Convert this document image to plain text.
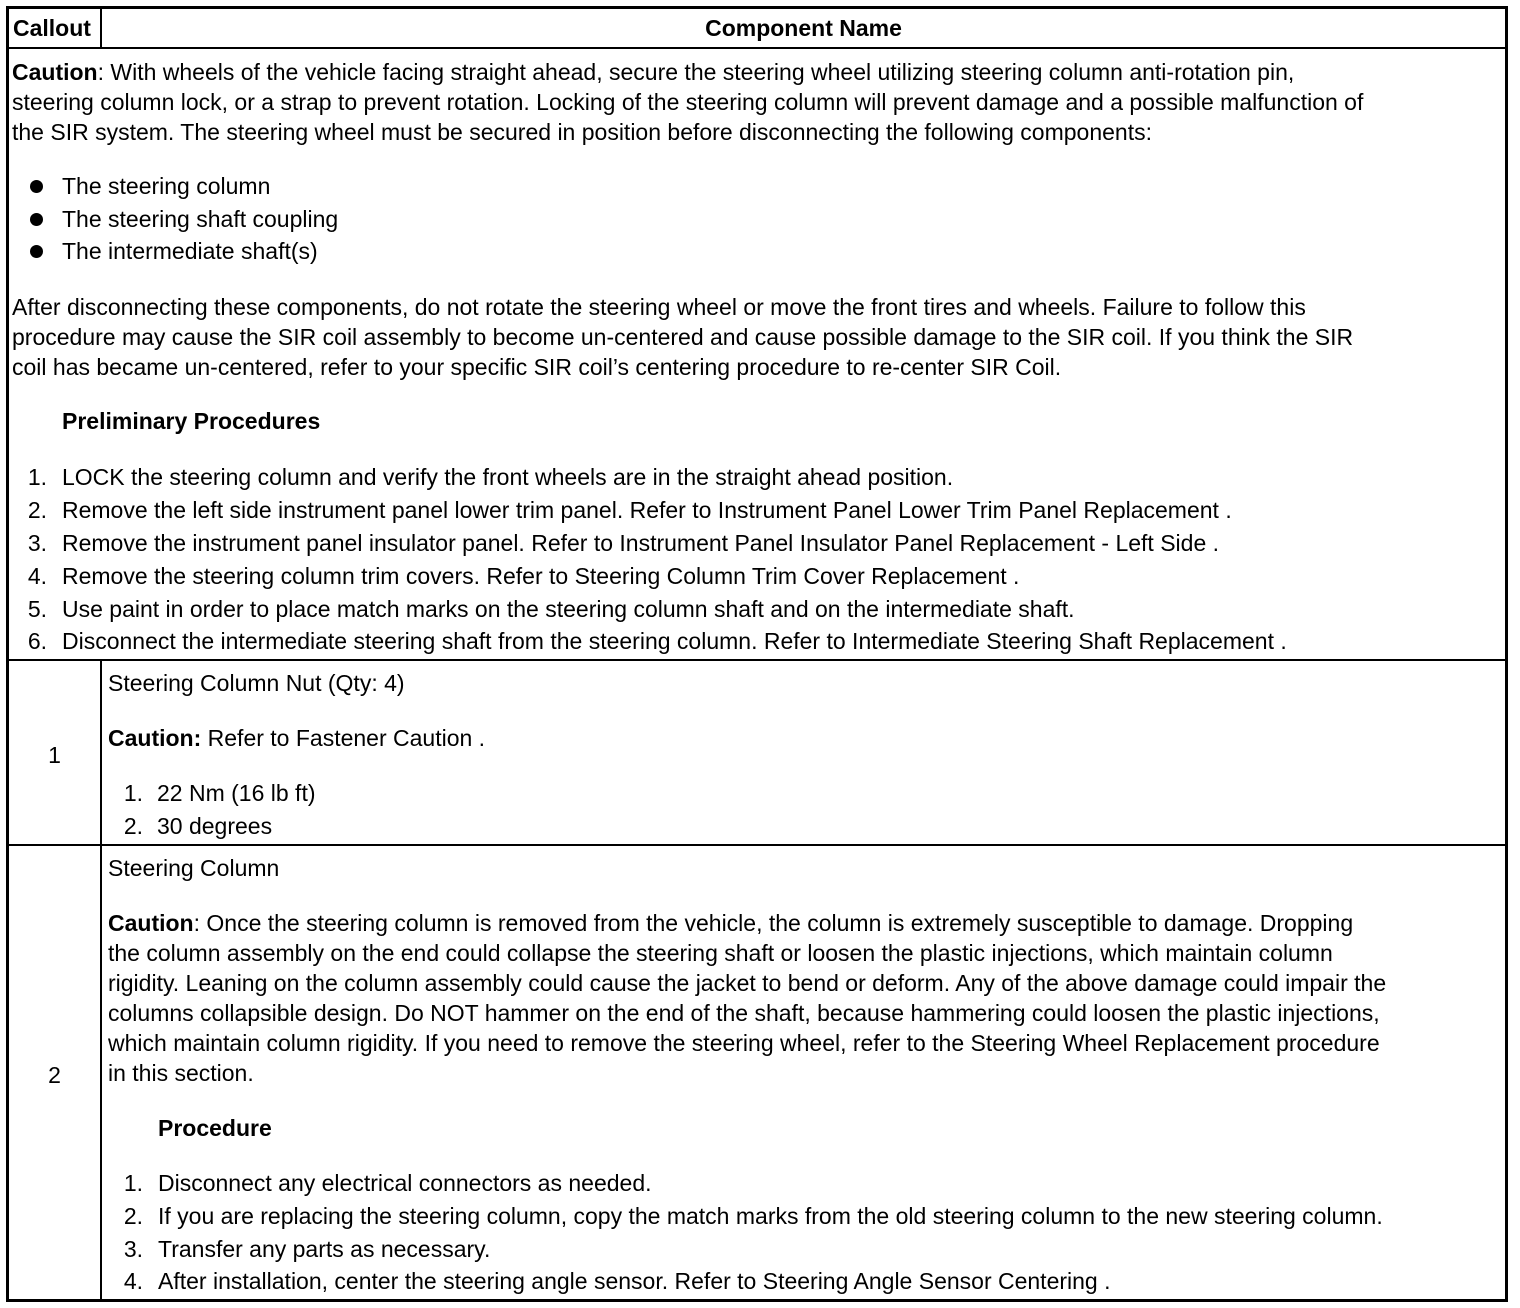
Callout	Component Name
Caution: With wheels of the vehicle facing straight ahead, secure the steering wheel utilizing steering column anti-rotation pin,
steering column lock, or a strap to prevent rotation. Locking of the steering column will prevent damage and a possible malfunction of
the SIR system. The steering wheel must be secured in position before disconnecting the following components:
The steering column
The steering shaft coupling
The intermediate shaft(s)
After disconnecting these components, do not rotate the steering wheel or move the front tires and wheels. Failure to follow this
procedure may cause the SIR coil assembly to become un-centered and cause possible damage to the SIR coil. If you think the SIR
coil has became un-centered, refer to your specific SIR coil’s centering procedure to re-center SIR Coil.
Preliminary Procedures
1. LOCK the steering column and verify the front wheels are in the straight ahead position.
2. Remove the left side instrument panel lower trim panel. Refer to Instrument Panel Lower Trim Panel Replacement .
3. Remove the instrument panel insulator panel. Refer to Instrument Panel Insulator Panel Replacement - Left Side .
4. Remove the steering column trim covers. Refer to Steering Column Trim Cover Replacement .
5. Use paint in order to place match marks on the steering column shaft and on the intermediate shaft.
6. Disconnect the intermediate steering shaft from the steering column. Refer to Intermediate Steering Shaft Replacement .
1
Steering Column Nut (Qty: 4)
Caution: Refer to Fastener Caution .
1. 22 Nm (16 lb ft)
2. 30 degrees
2
Steering Column
Caution: Once the steering column is removed from the vehicle, the column is extremely susceptible to damage. Dropping
the column assembly on the end could collapse the steering shaft or loosen the plastic injections, which maintain column
rigidity. Leaning on the column assembly could cause the jacket to bend or deform. Any of the above damage could impair the
columns collapsible design. Do NOT hammer on the end of the shaft, because hammering could loosen the plastic injections,
which maintain column rigidity. If you need to remove the steering wheel, refer to the Steering Wheel Replacement procedure
in this section.
Procedure
1. Disconnect any electrical connectors as needed.
2. If you are replacing the steering column, copy the match marks from the old steering column to the new steering column.
3. Transfer any parts as necessary.
4. After installation, center the steering angle sensor. Refer to Steering Angle Sensor Centering .
